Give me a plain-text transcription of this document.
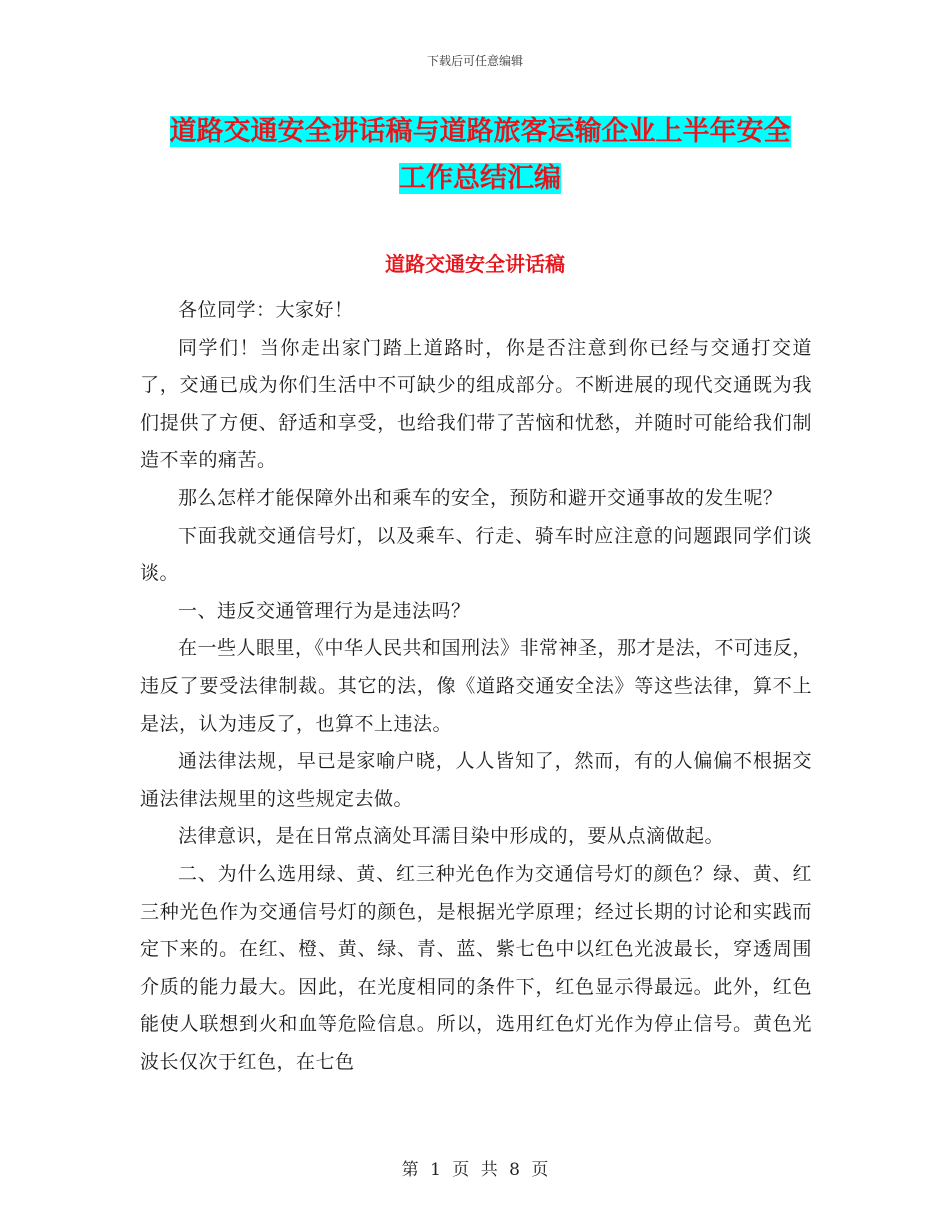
下载后可任意编辑
道路交通安全讲话稿与道路旅客运输企业上半年安全
工作总结汇编
道路交通安全讲话稿

各位同学：大家好！

同学们！当你走出家门踏上道路时，你是否注意到你已经与交通打交道了，交通已成为你们生活中不可缺少的组成部分。不断进展的现代交通既为我们提供了方便、舒适和享受，也给我们带了苦恼和忧愁，并随时可能给我们制造不幸的痛苦。

那么怎样才能保障外出和乘车的安全，预防和避开交通事故的发生呢？

下面我就交通信号灯，以及乘车、行走、骑车时应注意的问题跟同学们谈谈。

一、违反交通管理行为是违法吗？

在一些人眼里，《中华人民共和国刑法》非常神圣，那才是法，不可违反，违反了要受法律制裁。其它的法，像《道路交通安全法》等这些法律，算不上是法，认为违反了，也算不上违法。

通法律法规，早已是家喻户晓，人人皆知了，然而，有的人偏偏不根据交通法律法规里的这些规定去做。

法律意识，是在日常点滴处耳濡目染中形成的，要从点滴做起。

二、为什么选用绿、黄、红三种光色作为交通信号灯的颜色？绿、黄、红三种光色作为交通信号灯的颜色，是根据光学原理；经过长期的讨论和实践而定下来的。在红、橙、黄、绿、青、蓝、紫七色中以红色光波最长，穿透周围介质的能力最大。因此，在光度相同的条件下，红色显示得最远。此外，红色能使人联想到火和血等危险信息。所以，选用红色灯光作为停止信号。黄色光波长仅次于红色，在七色

第 1 页 共 8 页
